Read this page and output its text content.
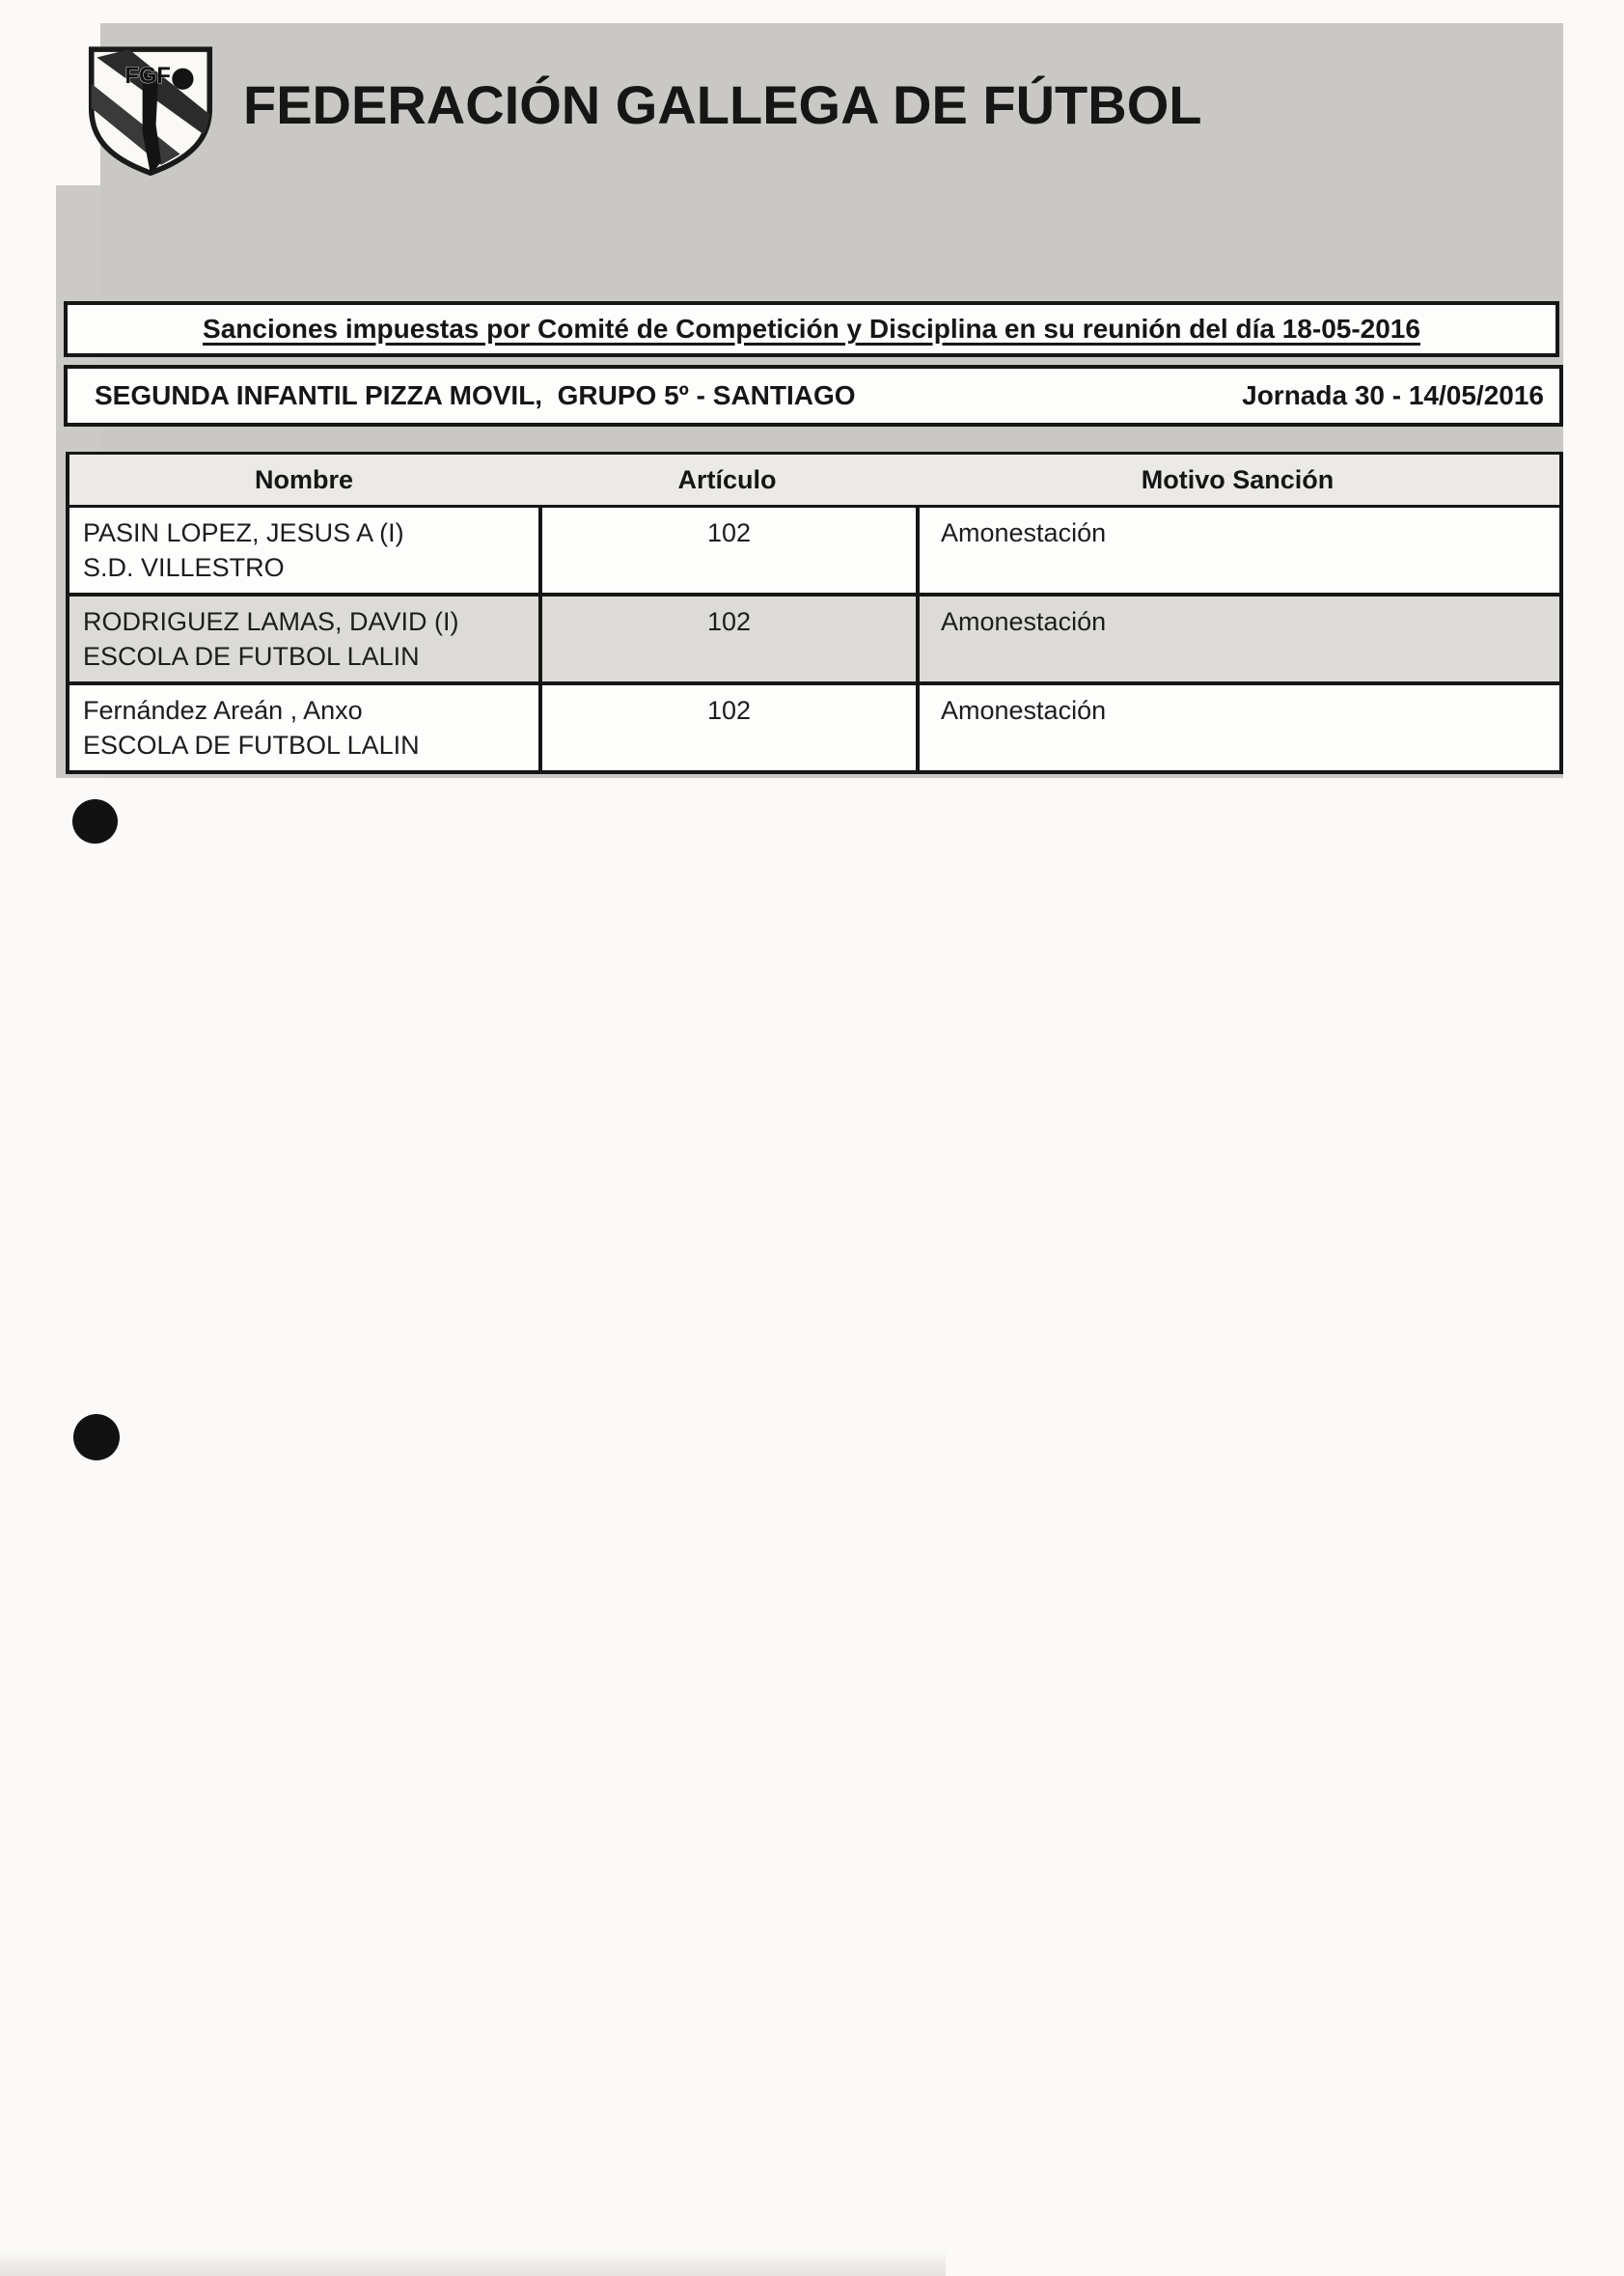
FGF FEDERACIÓN GALLEGA DE FÚTBOL
Sanciones impuestas por Comité de Competición y Disciplina en su reunión del día 18-05-2016
SEGUNDA INFANTIL PIZZA MOVIL,  GRUPO 5º - SANTIAGO	Jornada 30 - 14/05/2016
Nombre	Artículo	Motivo Sanción
PASIN LOPEZ, JESUS A (I)
S.D. VILLESTRO
102	Amonestación
RODRIGUEZ LAMAS, DAVID (I)
ESCOLA DE FUTBOL LALIN
102	Amonestación
Fernández Areán , Anxo
ESCOLA DE FUTBOL LALIN
102	Amonestación
